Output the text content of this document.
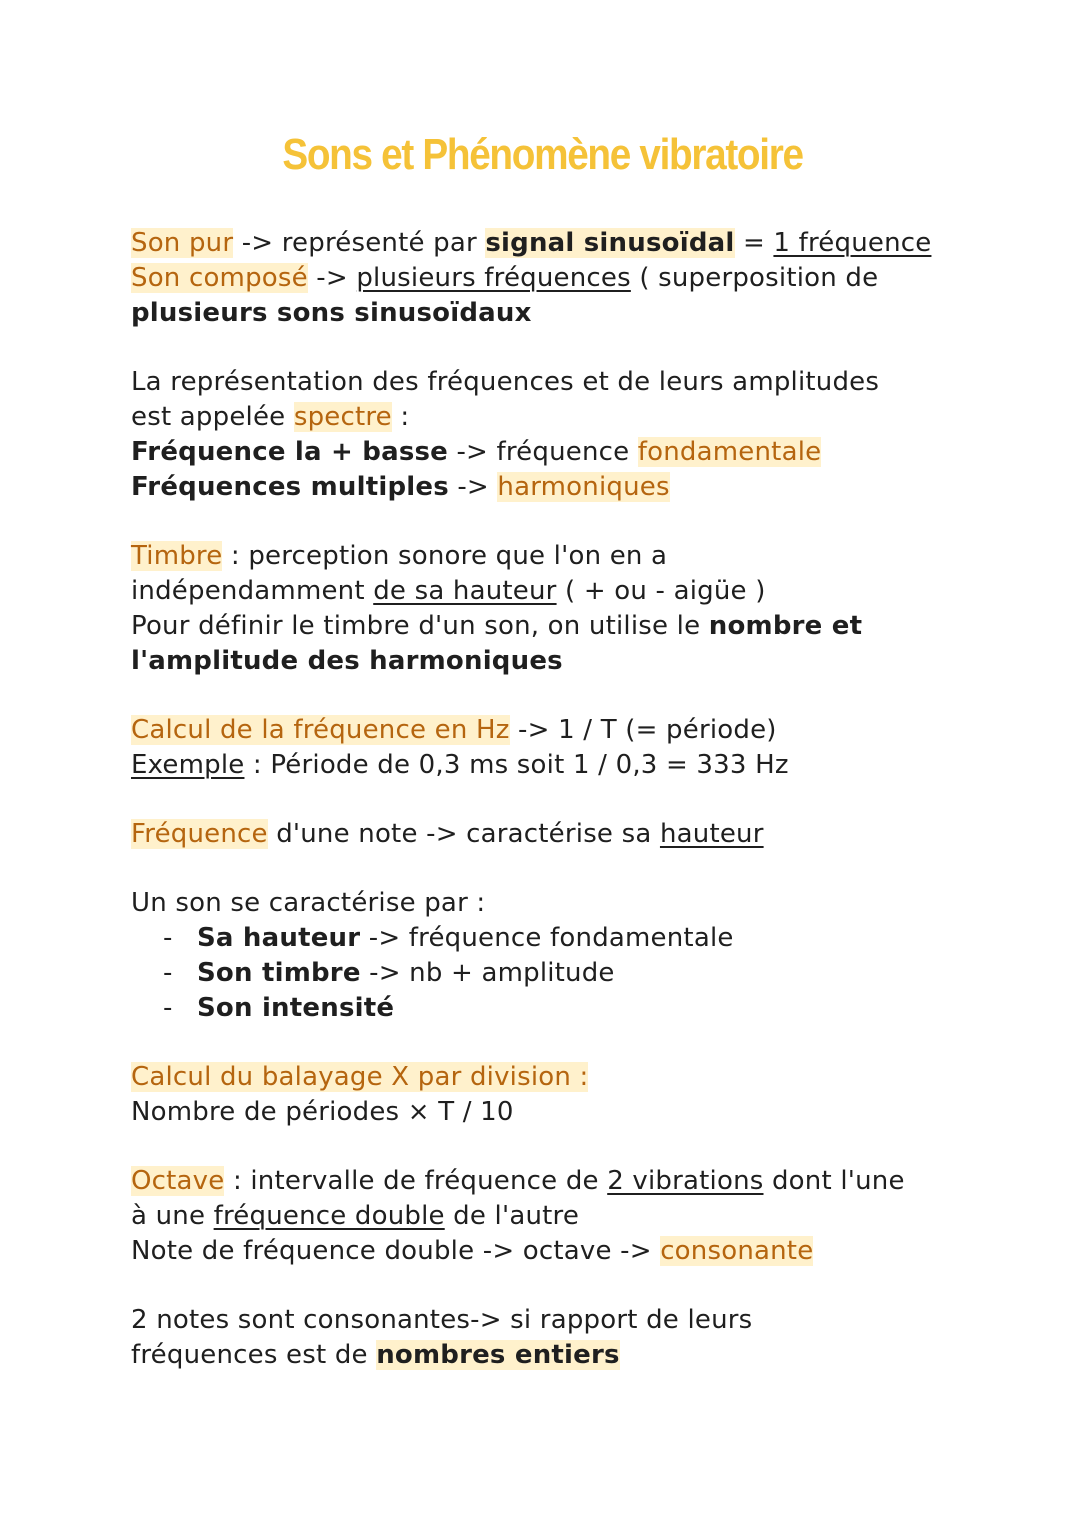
Sons et Phénomène vibratoire
Son pur -> représenté par signal sinusoïdal = 1 fréquence
Son composé -> plusieurs fréquences ( superposition de
plusieurs sons sinusoïdaux
La représentation des fréquences et de leurs amplitudes
est appelée spectre :
Fréquence la + basse -> fréquence fondamentale
Fréquences multiples -> harmoniques
Timbre : perception sonore que l'on en a
indépendamment de sa hauteur ( + ou - aigüe )
Pour définir le timbre d'un son, on utilise le nombre et
l'amplitude des harmoniques
Calcul de la fréquence en Hz -> 1 / T (= période)
Exemple : Période de 0,3 ms soit 1 / 0,3 = 333 Hz
Fréquence d'une note -> caractérise sa hauteur
Un son se caractérise par :
- Sa hauteur -> fréquence fondamentale
- Son timbre -> nb + amplitude
- Son intensité
Calcul du balayage X par division :
Nombre de périodes × T / 10
Octave : intervalle de fréquence de 2 vibrations dont l'une
à une fréquence double de l'autre
Note de fréquence double -> octave -> consonante
2 notes sont consonantes-> si rapport de leurs
fréquences est de nombres entiers
